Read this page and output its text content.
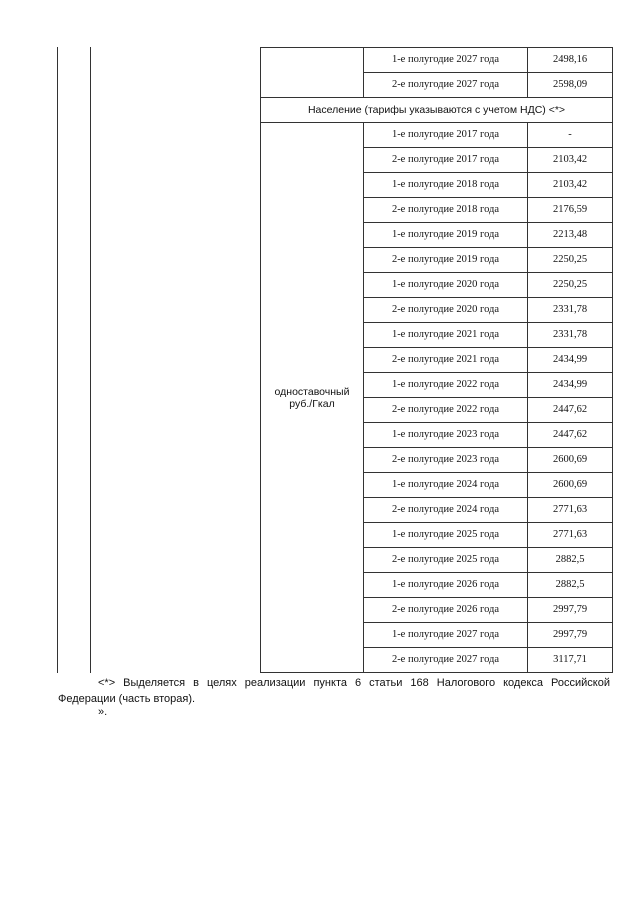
	1-е полугодие 2027 года	2498,16
	2-е полугодие 2027 года	2598,09
Население (тарифы указываются с учетом НДС) <*>		

одноставочный
руб./Гкал	1-е полугодие 2017 года	-
	2-е полугодие 2017 года	2103,42
	1-е полугодие 2018 года	2103,42
	2-е полугодие 2018 года	2176,59
	1-е полугодие 2019 года	2213,48
	2-е полугодие 2019 года	2250,25
	1-е полугодие 2020 года	2250,25
	2-е полугодие 2020 года	2331,78
	1-е полугодие 2021 года	2331,78
	2-е полугодие 2021 года	2434,99
	1-е полугодие 2022 года	2434,99
	2-е полугодие 2022 года	2447,62
	1-е полугодие 2023 года	2447,62
	2-е полугодие 2023 года	2600,69
	1-е полугодие 2024 года	2600,69
	2-е полугодие 2024 года	2771,63
	1-е полугодие 2025 года	2771,63
	2-е полугодие 2025 года	2882,5
	1-е полугодие 2026 года	2882,5
	2-е полугодие 2026 года	2997,79
	1-е полугодие 2027 года	2997,79
	2-е полугодие 2027 года	3117,71

<*> Выделяется в целях реализации пункта 6 статьи 168 Налогового кодекса Российской Федерации (часть вторая).

».
